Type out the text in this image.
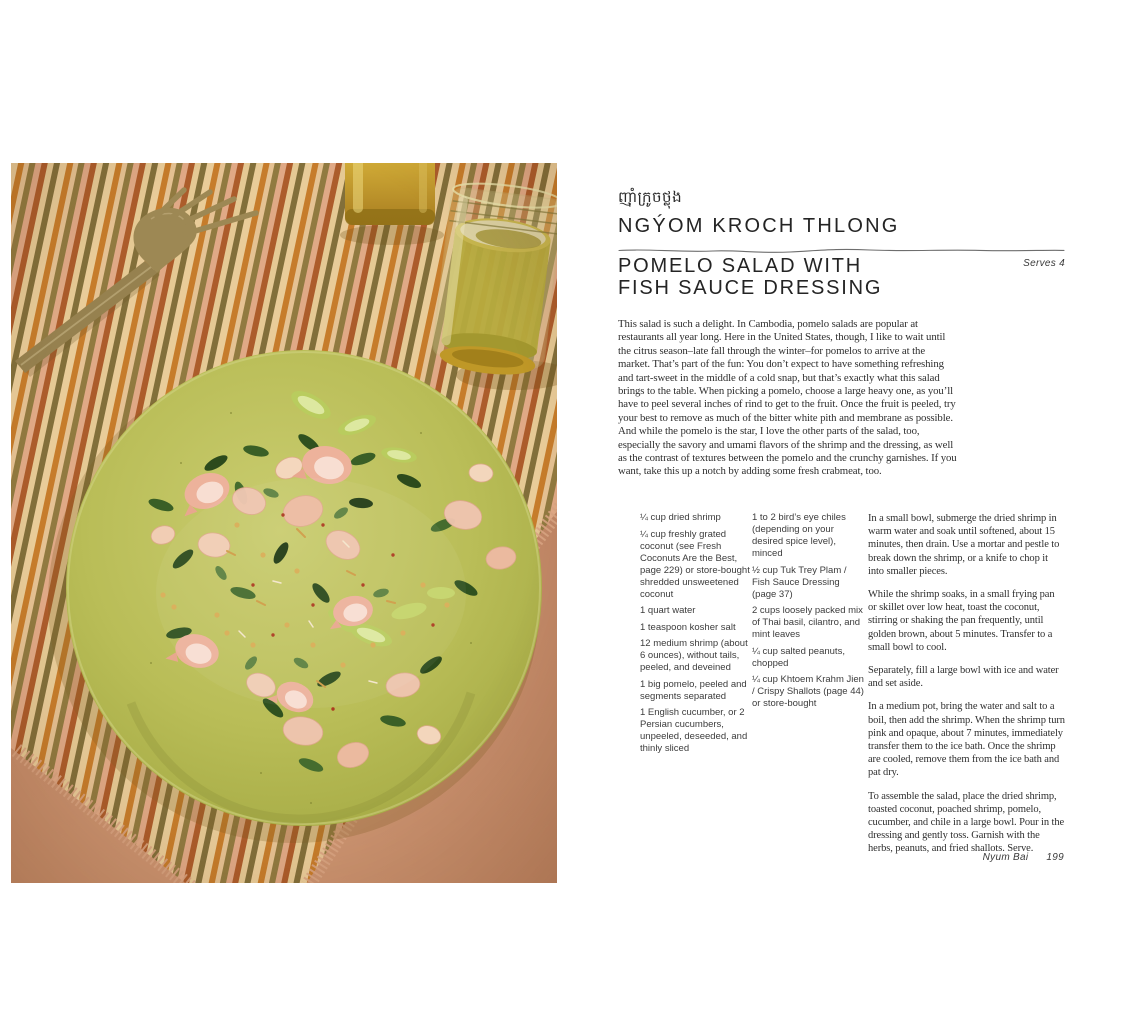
ញ៉ាំក្រូចថ្លុង
NGÝOM KROCH THLONG
POMELO SALAD WITH
FISH SAUCE DRESSING
Serves 4

This salad is such a delight. In Cambodia, pomelo salads are popular at restaurants all year long. Here in the United States, though, I like to wait until the citrus season–late fall through the winter–for pomelos to arrive at the market. That’s part of the fun: You don’t expect to have something refreshing and tart-sweet in the middle of a cold snap, but that’s exactly what this salad brings to the table. When picking a pomelo, choose a large heavy one, as you’ll have to peel several inches of rind to get to the fruit. Once the fruit is peeled, try your best to remove as much of the bitter white pith and membrane as possible. And while the pomelo is the star, I love the other parts of the salad, too, especially the savory and umami flavors of the shrimp and the dressing, as well as the contrast of textures between the pomelo and the crunchy garnishes. If you want, take this up a notch by adding some fresh crabmeat, too.

¼ cup dried shrimp
¼ cup freshly grated coconut (see Fresh Coconuts Are the Best, page 229) or store-bought shredded unsweetened coconut
1 quart water
1 teaspoon kosher salt
12 medium shrimp (about 6 ounces), without tails, peeled, and deveined
1 big pomelo, peeled and segments separated
1 English cucumber, or 2 Persian cucumbers, unpeeled, deseeded, and thinly sliced
1 to 2 bird’s eye chiles (depending on your desired spice level), minced
½ cup Tuk Trey Plam / Fish Sauce Dressing (page 37)
2 cups loosely packed mix of Thai basil, cilantro, and mint leaves
¼ cup salted peanuts, chopped
¼ cup Khtoem Krahm Jien / Crispy Shallots (page 44) or store-bought

In a small bowl, submerge the dried shrimp in warm water and soak until softened, about 15 minutes, then drain. Use a mortar and pestle to break down the shrimp, or a knife to chop it into smaller pieces.

While the shrimp soaks, in a small frying pan or skillet over low heat, toast the coconut, stirring or shaking the pan frequently, until golden brown, about 5 minutes. Transfer to a small bowl to cool.

Separately, fill a large bowl with ice and water and set aside.

In a medium pot, bring the water and salt to a boil, then add the shrimp. When the shrimp turn pink and opaque, about 7 minutes, immediately transfer them to the ice bath. Once the shrimp are cooled, remove them from the ice bath and pat dry.

To assemble the salad, place the dried shrimp, toasted coconut, poached shrimp, pomelo, cucumber, and chile in a large bowl. Pour in the dressing and gently toss. Garnish with the herbs, peanuts, and fried shallots. Serve.

Nyum Bai 199
